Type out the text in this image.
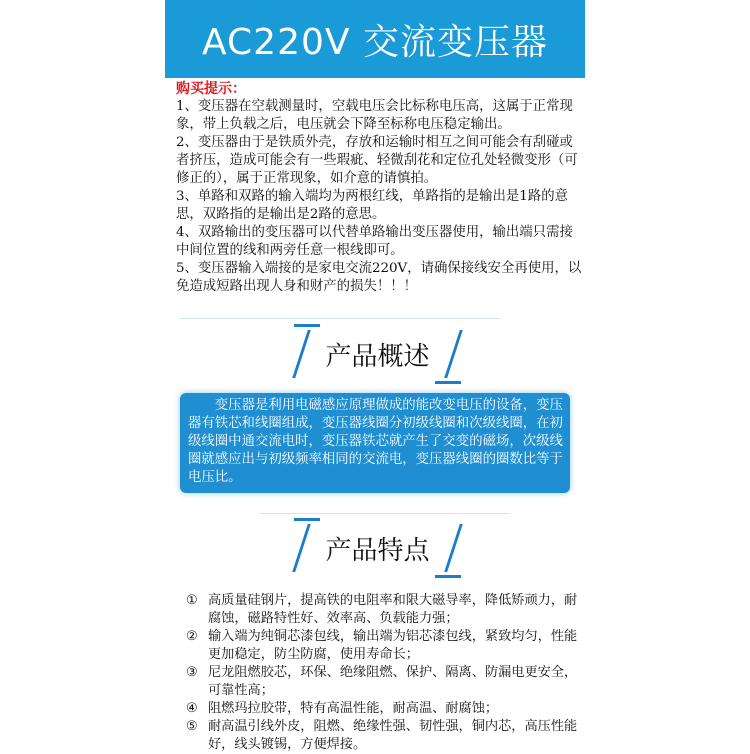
AC220V 交流变压器

购买提示：

1、变压器在空载测量时，空载电压会比标称电压高，这属于正常现象，带上负载之后，电压就会下降至标称电压稳定输出。

2、变压器由于是铁质外壳，存放和运输时相互之间可能会有刮碰或者挤压，造成可能会有一些瑕疵、轻微刮花和定位孔处轻微变形（可修正的），属于正常现象，如介意的请慎拍。

3、单路和双路的输入端均为两根红线，单路指的是输出是1路的意思，双路指的是输出是2路的意思。

4、双路输出的变压器可以代替单路输出变压器使用，输出端只需接中间位置的线和两旁任意一根线即可。

5、变压器输入端接的是家电交流220V，请确保接线安全再使用，以免造成短路出现人身和财产的损失！！！

产品概述

变压器是利用电磁感应原理做成的能改变电压的设备，变压器有铁芯和线圈组成，变压器线圈分初级线圈和次级线圈，在初级线圈中通交流电时，变压器铁芯就产生了交变的磁场，次级线圈就感应出与初级频率相同的交流电，变压器线圈的圈数比等于电压比。

产品特点
① 高质量硅钢片，提高铁的电阻率和限大磁导率，降低矫顽力，耐腐蚀，磁路特性好、效率高、负载能力强；
② 输入端为纯铜芯漆包线，输出端为铝芯漆包线，紧致均匀，性能更加稳定，防尘防腐，使用寿命长；
③ 尼龙阻燃胶芯，环保、绝缘阻燃、保护、隔离、防漏电更安全，可靠性高；
④ 阻燃玛拉胶带，特有高温性能，耐高温、耐腐蚀；
⑤ 耐高温引线外皮，阻燃、绝缘性强、韧性强，铜内芯，高压性能好，线头镀锡，方便焊接。
